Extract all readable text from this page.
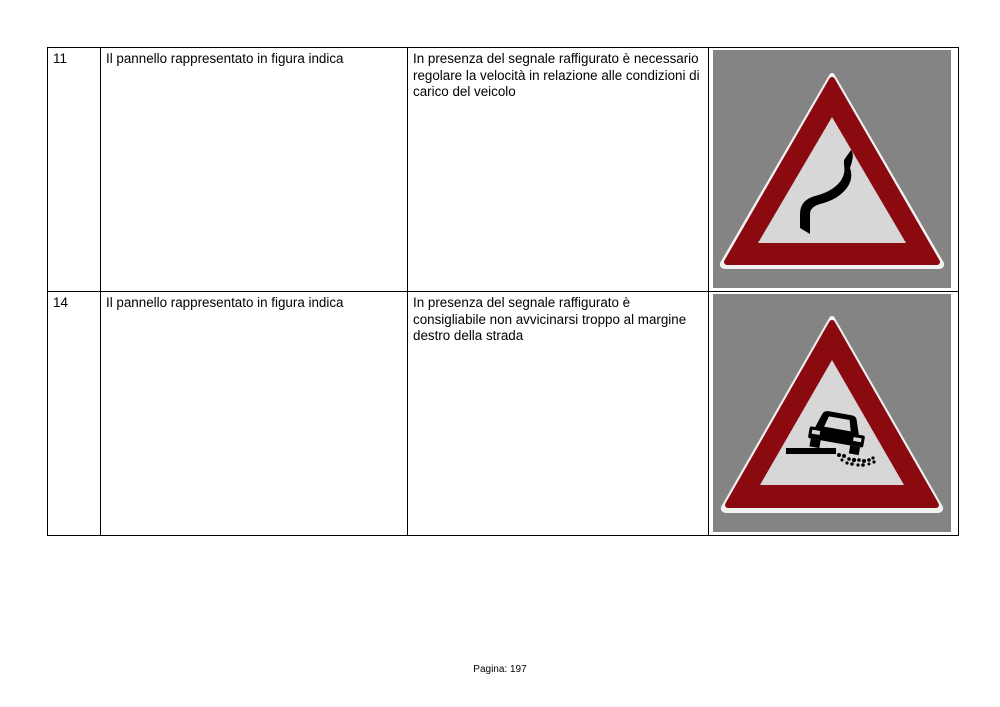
11	Il pannello rappresentato in figura indica	In presenza del segnale raffigurato è necessario regolare la velocità in relazione alle condizioni di carico del veicolo	

14	Il pannello rappresentato in figura indica	In presenza del segnale raffigurato è consigliabile non avvicinarsi troppo al margine destro della strada	
Pagina: 197
